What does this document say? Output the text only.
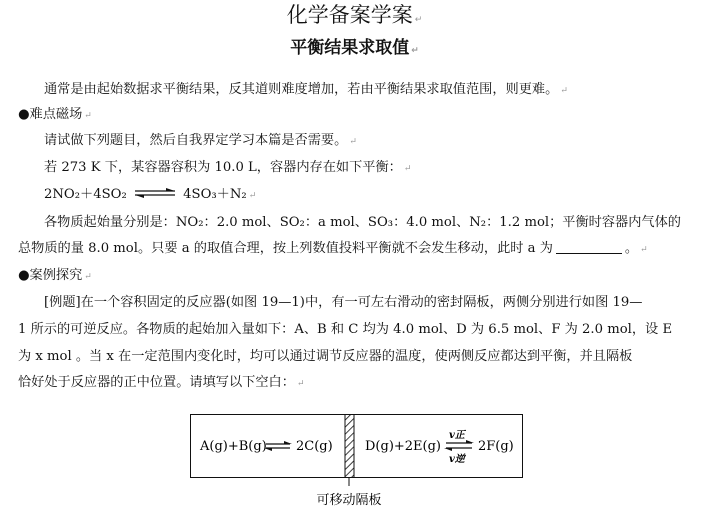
化学备案学案 ↵
平衡结果求取值 ↵
通常是由起始数据求平衡结果，反其道则难度增加，若由平衡结果求取值范围，则更难。 ↵
●难点磁场 ↵
请试做下列题目，然后自我界定学习本篇是否需要。 ↵
若 273 K 下，某容器容积为 10.0 L，容器内存在如下平衡： ↵
2NO₂＋4SO₂ ⇌ 4SO₃＋N₂ ↵
各物质起始量分别是：NO₂：2.0 mol、SO₂：a mol、SO₃：4.0 mol、N₂：1.2 mol；平衡时容器内气体的
总物质的量 8.0 mol。只要 a 的取值合理，按上列数值投料平衡就不会发生移动，此时 a 为	。 ↵
●案例探究 ↵
[例题]在一个容积固定的反应器(如图 19—1)中，有一可左右滑动的密封隔板，两侧分别进行如图 19—
1 所示的可逆反应。各物质的起始加入量如下：A、B 和 C 均为 4.0 mol、D 为 6.5 mol、F 为 2.0 mol，设 E
为 x mol 。当 x 在一定范围内变化时，均可以通过调节反应器的温度，使两侧反应都达到平衡，并且隔板
恰好处于反应器的正中位置。请填写以下空白： ↵
A(g)+B(g) 2C(g) D(g)+2E(g)
v正
v逆
2F(g)
可移动隔板
